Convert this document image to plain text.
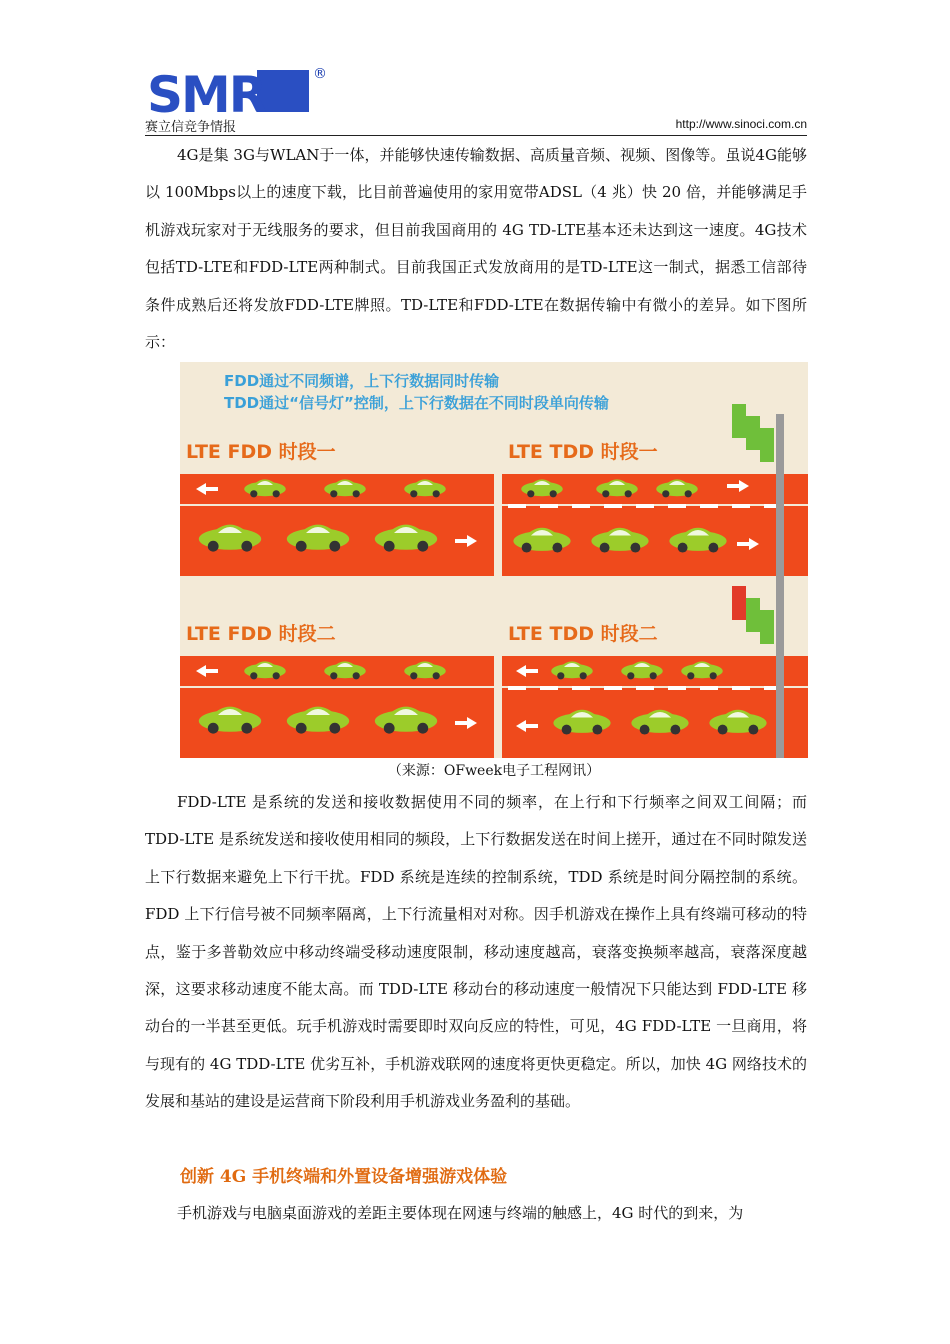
SMR	®
赛立信竞争情报	http://www.sinoci.com.cn

4G是集 3G与WLAN于一体，并能够快速传输数据、高质量音频、视频、图像等。虽说4G能够以 100Mbps以上的速度下载，比目前普遍使用的家用宽带ADSL（4 兆）快 20 倍，并能够满足手机游戏玩家对于无线服务的要求，但目前我国商用的 4G TD-LTE基本还未达到这一速度。4G技术包括TD-LTE和FDD-LTE两种制式。目前我国正式发放商用的是TD-LTE这一制式，据悉工信部待条件成熟后还将发放FDD-LTE牌照。TD-LTE和FDD-LTE在数据传输中有微小的差异。如下图所示：

FDD通过不同频谱，上下行数据同时传输
TDD通过“信号灯”控制，上下行数据在不同时段单向传输
LTE FDD 时段一	LTE TDD 时段一
LTE FDD 时段二	LTE TDD 时段二
（来源：OFweek电子工程网讯）

FDD-LTE 是系统的发送和接收数据使用不同的频率，在上行和下行频率之间双工间隔；而 TDD-LTE 是系统发送和接收使用相同的频段，上下行数据发送在时间上搓开，通过在不同时隙发送上下行数据来避免上下行干扰。FDD 系统是连续的控制系统，TDD 系统是时间分隔控制的系统。FDD 上下行信号被不同频率隔离，上下行流量相对对称。因手机游戏在操作上具有终端可移动的特点，鉴于多普勒效应中移动终端受移动速度限制，移动速度越高，衰落变换频率越高，衰落深度越深，这要求移动速度不能太高。而 TDD-LTE 移动台的移动速度一般情况下只能达到 FDD-LTE 移动台的一半甚至更低。玩手机游戏时需要即时双向反应的特性，可见，4G FDD-LTE 一旦商用，将与现有的 4G TDD-LTE 优劣互补，手机游戏联网的速度将更快更稳定。所以，加快 4G 网络技术的发展和基站的建设是运营商下阶段利用手机游戏业务盈利的基础。

创新 4G 手机终端和外置设备增强游戏体验

手机游戏与电脑桌面游戏的差距主要体现在网速与终端的触感上，4G 时代的到来，为
